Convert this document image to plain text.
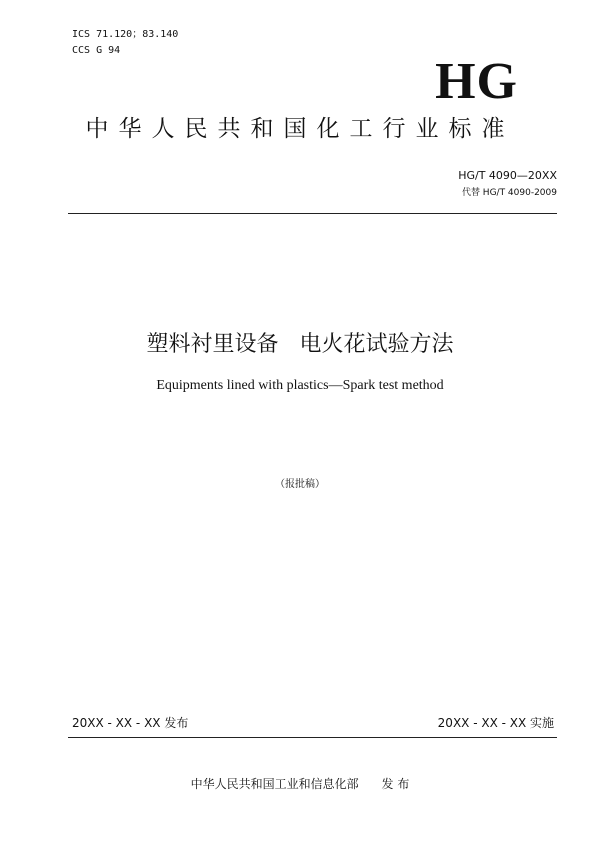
ICS 71.120；83.140
CCS G 94
HG
中华人民共和国化工行业标准
HG/T 4090—20XX
代替 HG/T 4090-2009
塑料衬里设备   电火花试验方法
Equipments lined with plastics—Spark test method
（报批稿）
20XX - XX - XX 发布	20XX - XX - XX 实施
中华人民共和国工业和信息化部      发 布
